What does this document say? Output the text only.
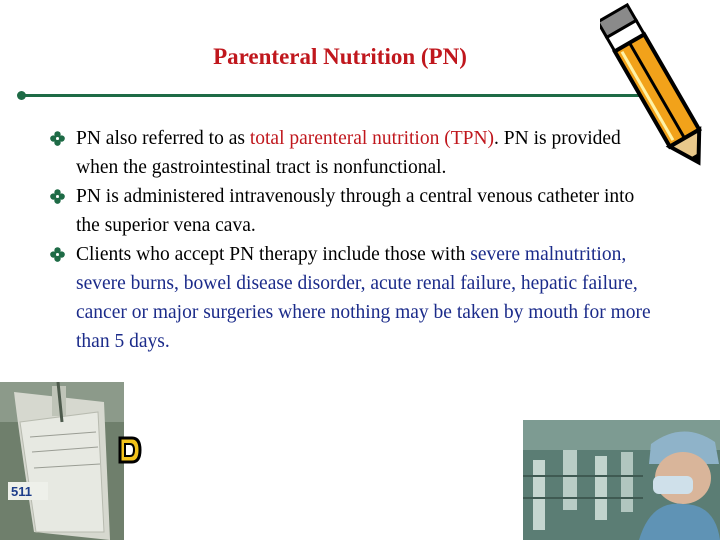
Parenteral Nutrition (PN)
PN also referred to as total parenteral nutrition (TPN). PN is provided when the gastrointestinal tract is nonfunctional.
PN is administered intravenously through a central venous catheter into the superior vena cava.
Clients who accept PN therapy include those with severe malnutrition, severe burns, bowel disease disorder, acute renal failure, hepatic failure, cancer or major surgeries where nothing may be taken by mouth for more than 5 days.
511
